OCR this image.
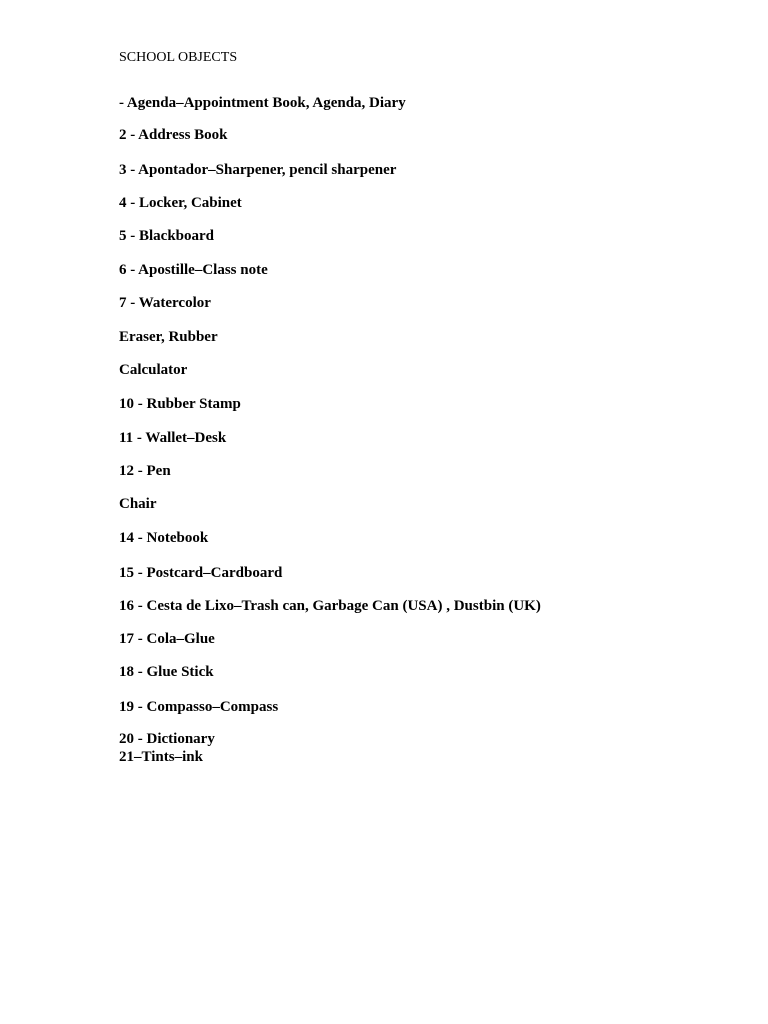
SCHOOL OBJECTS
- Agenda–Appointment Book, Agenda, Diary
2 - Address Book
3 - Apontador–Sharpener, pencil sharpener
4 - Locker, Cabinet
5 - Blackboard
6 - Apostille–Class note
7 - Watercolor
Eraser, Rubber
Calculator
10 - Rubber Stamp
11 - Wallet–Desk
12 - Pen
Chair
14 - Notebook
15 - Postcard–Cardboard
16 - Cesta de Lixo–Trash can, Garbage Can (USA) , Dustbin (UK)
17 - Cola–Glue
18 - Glue Stick
19 - Compasso–Compass
20 - Dictionary
21–Tints–ink
